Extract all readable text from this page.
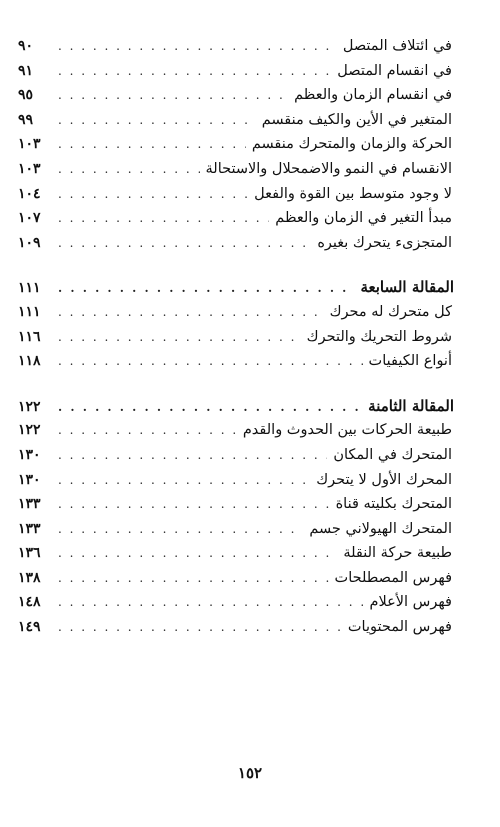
في ائتلاف المتصل
. . .
٩٠
في انقسام المتصل
. . .
٩١
في انقسام الزمان والعظم
. . .
٩٥
المتغير في الأين والكيف منقسم
. . .
٩٩
الحركة والزمان والمتحرك منقسم
. . .
١٠٣
الانقسام في النمو والاضمحلال والاستحالة
. . .
١٠٣
لا وجود متوسط بين القوة والفعل
. . .
١٠٤
مبدأ التغير في الزمان والعظم
. . .
١٠٧
المتجزىء يتحرك بغيره
. . .
١٠٩
المقالة السابعة
. . .
١١١
كل متحرك له محرك
. . .
١١١
شروط التحريك والتحرك
. . .
١١٦
أنواع الكيفيات
. . .
١١٨
المقالة الثامنة
. . .
١٢٢
طبيعة الحركات بين الحدوث والقدم
. . .
١٢٢
المتحرك في المكان
. . .
١٣٠
المحرك الأول لا يتحرك
. . .
١٣٠
المتحرك بكليته قناة
. . .
١٣٣
المتحرك الهيولاني جسم
. . .
١٣٣
طبيعة حركة النقلة
. . .
١٣٦
فهرس المصطلحات
. . .
١٣٨
فهرس الأعلام
. . .
١٤٨
فهرس المحتويات
. . .
١٤٩
١٥٢
